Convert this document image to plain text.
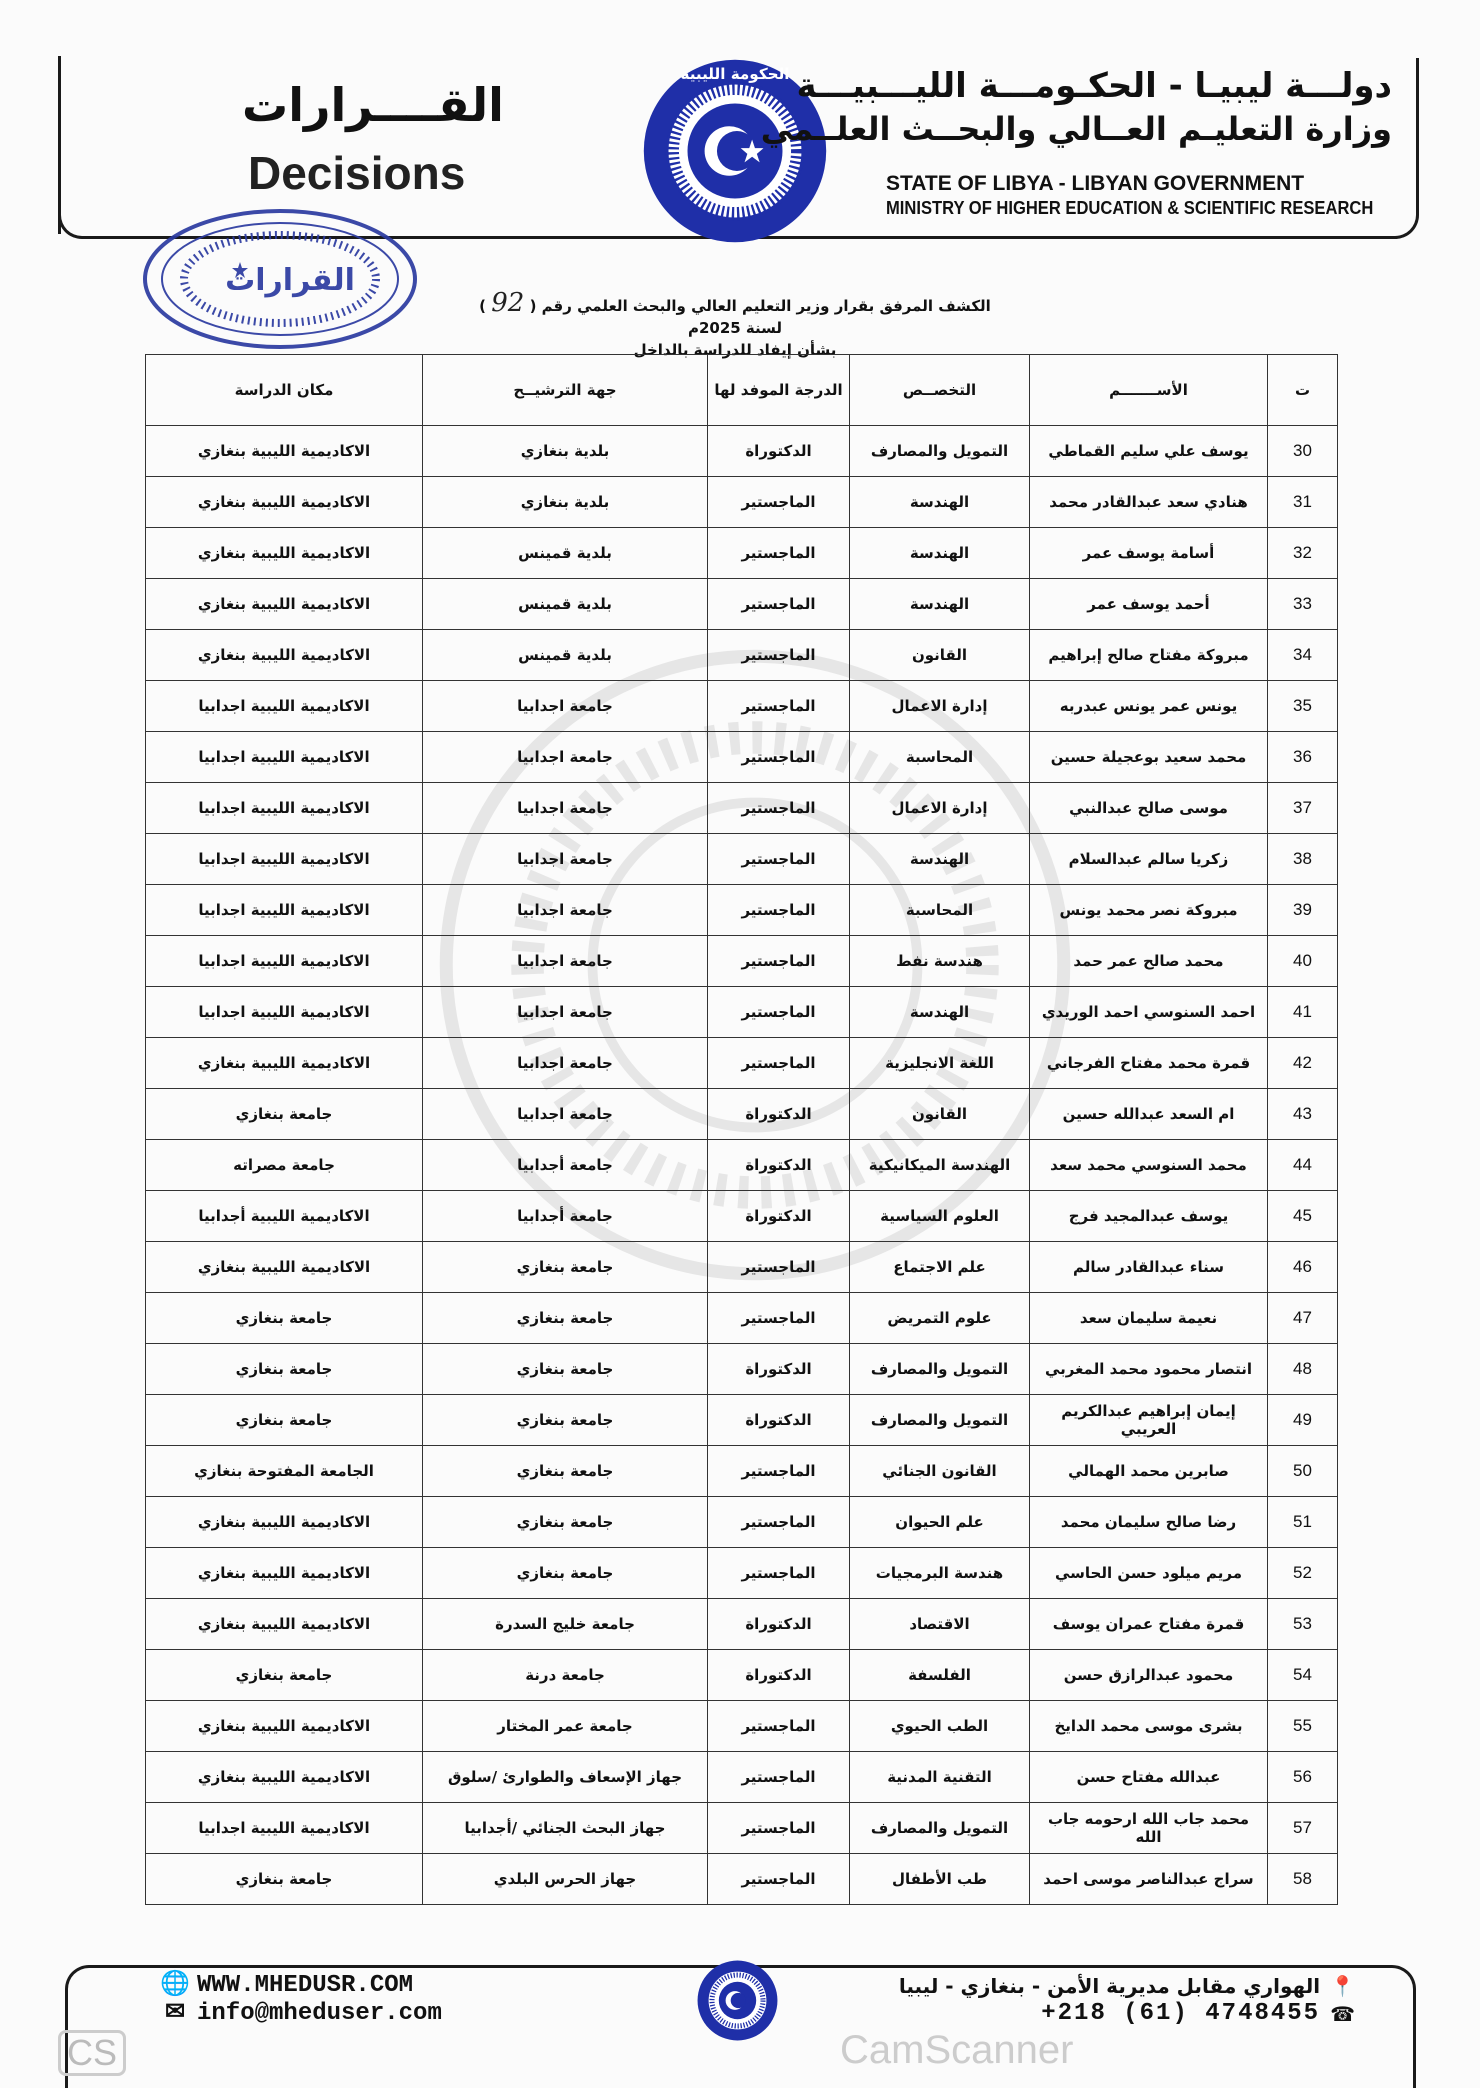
القــــرارات
Decisions
الحكومة الليبية دولـــة ليبيـا - الحكـومـــة الليـــبيـــة
وزارة التعليـم العــالي والبحــث العلــمي
STATE OF LIBYA - LIBYAN GOVERNMENT
MINISTRY OF HIGHER EDUCATION & SCIENTIFIC RESEARCH
القرارات
الكشف المرفق بقرار وزير التعليم العالي والبحث العلمي رقم ( 92 ) لسنة 2025م
بشأن إيفاد للدراسة بالداخل
ت	الأســـــــم	التخصــص	الدرجة الموفد لها	جهة الترشيــح	مكان الدراسة
30	يوسف علي سليم القماطي	التمويل والمصارف	الدكتوراة	بلدية بنغازي	الاكاديمية الليبية بنغازي
31	هنادي سعد عبدالقادر محمد	الهندسة	الماجستير	بلدية بنغازي	الاكاديمية الليبية بنغازي
32	أسامة يوسف عمر	الهندسة	الماجستير	بلدية قمينس	الاكاديمية الليبية بنغازي
33	أحمد يوسف عمر	الهندسة	الماجستير	بلدية قمينس	الاكاديمية الليبية بنغازي
34	مبروكة مفتاح صالح إبراهيم	القانون	الماجستير	بلدية قمينس	الاكاديمية الليبية بنغازي
35	يونس عمر يونس عبدربه	إدارة الاعمال	الماجستير	جامعة اجدابيا	الاكاديمية الليبية اجدابيا
36	محمد سعيد بوعجيلة حسين	المحاسبة	الماجستير	جامعة اجدابيا	الاكاديمية الليبية اجدابيا
37	موسى صالح عبدالنبي	إدارة الاعمال	الماجستير	جامعة اجدابيا	الاكاديمية الليبية اجدابيا
38	زكريا سالم عبدالسلام	الهندسة	الماجستير	جامعة اجدابيا	الاكاديمية الليبية اجدابيا
39	مبروكة نصر محمد يونس	المحاسبة	الماجستير	جامعة اجدابيا	الاكاديمية الليبية اجدابيا
40	محمد صالح عمر حمد	هندسة نفط	الماجستير	جامعة اجدابيا	الاكاديمية الليبية اجدابيا
41	احمد السنوسي احمد الوريدي	الهندسة	الماجستير	جامعة اجدابيا	الاكاديمية الليبية اجدابيا
42	قمرة محمد مفتاح الفرجاني	اللغة الانجليزية	الماجستير	جامعة اجدابيا	الاكاديمية الليبية بنغازي
43	ام السعد عبدالله حسين	القانون	الدكتوراة	جامعة اجدابيا	جامعة بنغازي
44	محمد السنوسي محمد سعد	الهندسة الميكانيكية	الدكتوراة	جامعة أجدابيا	جامعة مصراته
45	يوسف عبدالمجيد فرج	العلوم السياسية	الدكتوراة	جامعة أجدابيا	الاكاديمية الليبية أجدابيا
46	سناء عبدالقادر سالم	علم الاجتماع	الماجستير	جامعة بنغازي	الاكاديمية الليبية بنغازي
47	نعيمة سليمان سعد	علوم التمريض	الماجستير	جامعة بنغازي	جامعة بنغازي
48	انتصار محمود محمد المغربي	التمويل والمصارف	الدكتوراة	جامعة بنغازي	جامعة بنغازي
49	إيمان إبراهيم عبدالكريم العريبي	التمويل والمصارف	الدكتوراة	جامعة بنغازي	جامعة بنغازي
50	صابرين محمد الهمالي	القانون الجنائي	الماجستير	جامعة بنغازي	الجامعة المفتوحة بنغازي
51	رضا صالح سليمان محمد	علم الحيوان	الماجستير	جامعة بنغازي	الاكاديمية الليبية بنغازي
52	مريم ميلود حسن الحاسي	هندسة البرمجيات	الماجستير	جامعة بنغازي	الاكاديمية الليبية بنغازي
53	قمرة مفتاح عمران يوسف	الاقتصاد	الدكتوراة	جامعة خليج السدرة	الاكاديمية الليبية بنغازي
54	محمود عبدالرازق حسن	الفلسفة	الدكتوراة	جامعة درنة	جامعة بنغازي
55	بشرى موسى محمد الدايخ	الطب الحيوي	الماجستير	جامعة عمر المختار	الاكاديمية الليبية بنغازي
56	عبدالله مفتاح حسن	التقنية المدنية	الماجستير	جهاز الإسعاف والطوارئ /سلوق	الاكاديمية الليبية بنغازي
57	محمد جاب الله ارحومه جاب الله	التمويل والمصارف	الماجستير	جهاز البحث الجنائي /أجدابيا	الاكاديمية الليبية اجدابيا
58	سراج عبدالناصر موسى احمد	طب الأطفال	الماجستير	جهاز الحرس البلدي	جامعة بنغازي
🌐 WWW.MHEDUSR.COM
✉ info@mheduser.com
الهواري مقابل مديرية الأمن - بنغازي - ليبيا 📍
+218 (61) 4748455 ☎
CS	CamScanner
